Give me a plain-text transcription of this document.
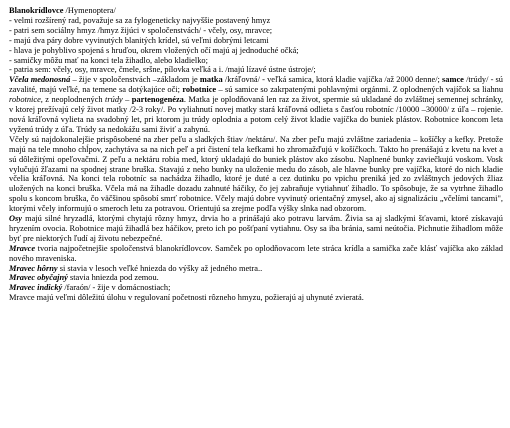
Blanokrídlovce /Hymenoptera/
- velmi rozšírený rad, považuje sa za fylogeneticky najvyššie postavený hmyz
- patri sem sociálny hmyz /hmyz žijúci v spoločenstvách/ - včely, osy, mravce;
- majú dva páry dobre vyvinutých blanitých krídel, sú veľmi dobrými letcami
- hlava je pohyblivo spojená s hruďou, okrem vložených očí majú aj jednoduché očká;
- samičky môžu mať na konci tela žihadlo, alebo kladielko;
- patria sem: včely, osy, mravce, čmele, sršne, pílovka veľká a i. /majú lízavé ústne ústroje/;

Včela medonosná – žije v spoločenstvách –základom je matka /kráľovná/ - veľká samica, ktorá kladie vajíčka /až 2000 denne/; samce /trúdy/ - sú zavalité, majú veľké, na temene sa dotýkajúce oči; robotnice – sú samice so zakrpatenými pohlavnými orgánmi. Z oplodnených vajíčok sa liahnu robotnice, z neoplodnených trúdy – partenogenéza. Matka je oplodňovaná len raz za život, spermie sú ukladané do zvláštnej semennej schránky, v ktorej prežívajú celý život matky /2-3 roky/. Po vyliahnutí novej matky stará kráľovná odlieta s časťou robotníc /10000 –30000/ z úľa – rojenie. nová kráľovná vylieta na svadobný let, pri ktorom ju trúdy oplodnia a potom celý život kladie vajíčka do buniek plástov. Robotnice koncom leta vyženú trúdy z úľa. Trúdy sa nedokážu sami živiť a zahynú.

Včely sú najdokonalejšie prispôsobené na zber peľu a sladkých štiav /nektáru/. Na zber peľu majú zvláštne zariadenia – košíčky a kefky. Pretože majú na tele mnoho chĺpov, zachytáva sa na nich peľ a pri čistení tela kefkami ho zhromažďujú v košíčkoch. Takto ho prenášajú z kvetu na kvet a sú dôležitými opeľovačmi. Z peľu a nektáru robia med, ktorý ukladajú do buniek plástov ako zásobu. Naplnené bunky zaviečkujú voskom. Vosk vylučujú žľazami na spodnej strane bruška. Stavajú z neho bunky na uloženie medu do zásob, ale hlavne bunky pre vajíčka, ktoré do nich kladie včelia kráľovná. Na konci tela robotníc sa nachádza žihadlo, ktoré je duté a cez dutinku po vpichu preniká jed zo zvláštnych jedových žliaz uložených na konci bruška. Včela má na žihadle dozadu zahnuté háčiky, čo jej zabraňuje vytiahnuť žihadlo. To spôsobuje, že sa vytrhne žihadlo spolu s koncom bruška, čo väčšinou spôsobí smrť robotnice. Včely majú dobre vyvinutý orientačný zmysel, ako aj signalizáciu „včelími tancami", ktorými včely informujú o smeroch letu za potravou. Orientujú sa zrejme podľa výšky slnka nad obzorom.

Osy majú silné hryzadlá, ktorými chytajú rôzny hmyz, drvia ho a prinášajú ako potravu larvám. Živia sa aj sladkými šťavami, ktoré získavajú hryzením ovocia. Robotnice majú žihadlá bez háčikov, preto ich po pošťpaní vytiahnu. Osy sa iba bránia, sami neútočia. Pichnutie žihadlom môže byť pre niektorých ľudí aj životu nebezpečné.

Mravce tvoria najpočetnejšie spoločenstvá blanokrídlovcov. Samček po oplodňovacom lete stráca krídla a samička zače klásť vajíčka ako základ nového mraveniska.

Mravec hôrny si stavia v lesoch veľké hniezda do výšky až jedného metra..

Mravec obyčajný stavia hniezda pod zemou.

Mravec indický /faraón/ - žije v domácnostiach;

Mravce majú veľmi dôležitú úlohu v regulovaní početnosti rôzneho hmyzu, požierajú aj uhynuté zvieratá.
